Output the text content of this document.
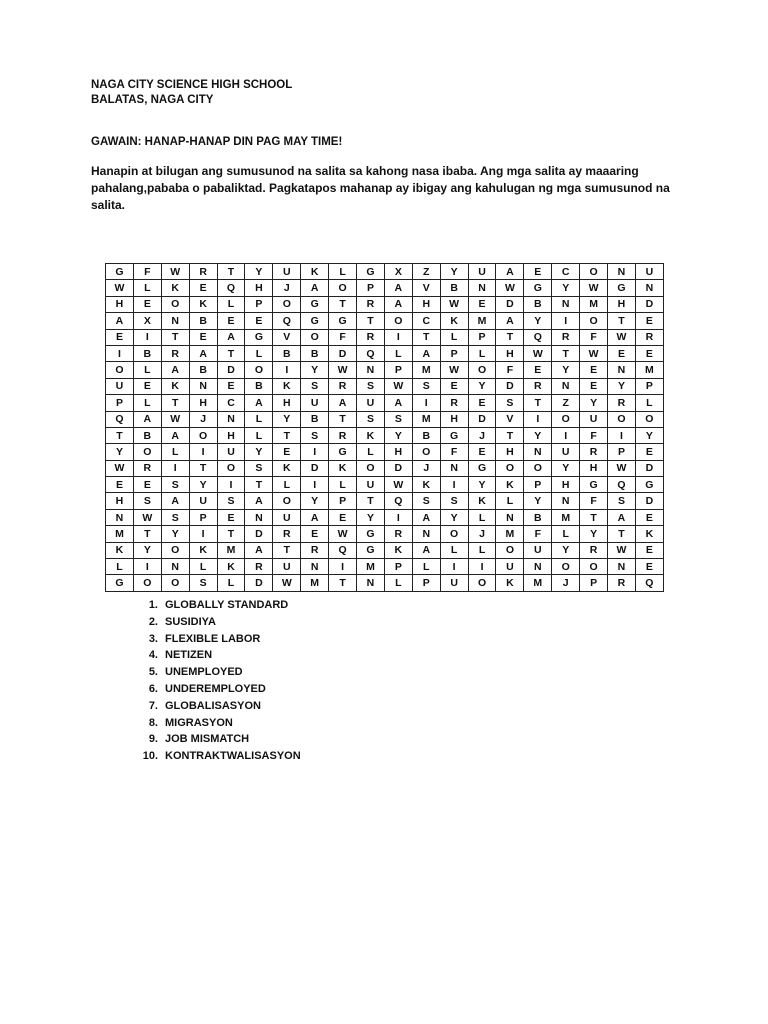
NAGA CITY SCIENCE HIGH SCHOOL
BALATAS, NAGA CITY
GAWAIN: HANAP-HANAP DIN PAG MAY TIME!
Hanapin at bilugan ang sumusunod na salita sa kahong nasa ibaba. Ang mga salita ay maaaring pahalang,pababa o pabaliktad. Pagkatapos mahanap ay ibigay ang kahulugan ng mga sumusunod na salita.
G	F	W	R	T	Y	U	K	L	G	X	Z	Y	U	A	E	C	O	N	U
W	L	K	E	Q	H	J	A	O	P	A	V	B	N	W	G	Y	W	G	N
H	E	O	K	L	P	O	G	T	R	A	H	W	E	D	B	N	M	H	D
A	X	N	B	E	E	Q	G	G	T	O	C	K	M	A	Y	I	O	T	E
E	I	T	E	A	G	V	O	F	R	I	T	L	P	T	Q	R	F	W	R
I	B	R	A	T	L	B	B	D	Q	L	A	P	L	H	W	T	W	E	E
O	L	A	B	D	O	I	Y	W	N	P	M	W	O	F	E	Y	E	N	M
U	E	K	N	E	B	K	S	R	S	W	S	E	Y	D	R	N	E	Y	P
P	L	T	H	C	A	H	U	A	U	A	I	R	E	S	T	Z	Y	R	L
Q	A	W	J	N	L	Y	B	T	S	S	M	H	D	V	I	O	U	O	O
T	B	A	O	H	L	T	S	R	K	Y	B	G	J	T	Y	I	F	I	Y
Y	O	L	I	U	Y	E	I	G	L	H	O	F	E	H	N	U	R	P	E
W	R	I	T	O	S	K	D	K	O	D	J	N	G	O	O	Y	H	W	D
E	E	S	Y	I	T	L	I	L	U	W	K	I	Y	K	P	H	G	Q	G
H	S	A	U	S	A	O	Y	P	T	Q	S	S	K	L	Y	N	F	S	D
N	W	S	P	E	N	U	A	E	Y	I	A	Y	L	N	B	M	T	A	E
M	T	Y	I	T	D	R	E	W	G	R	N	O	J	M	F	L	Y	T	K
K	Y	O	K	M	A	T	R	Q	G	K	A	L	L	O	U	Y	R	W	E
L	I	N	L	K	R	U	N	I	M	P	L	I	I	U	N	O	O	N	E
G	O	O	S	L	D	W	M	T	N	L	P	U	O	K	M	J	P	R	Q
1. GLOBALLY STANDARD
2. SUSIDIYA
3. FLEXIBLE LABOR
4. NETIZEN
5. UNEMPLOYED
6. UNDEREMPLOYED
7. GLOBALISASYON
8. MIGRASYON
9. JOB MISMATCH
10. KONTRAKTWALISASYON
